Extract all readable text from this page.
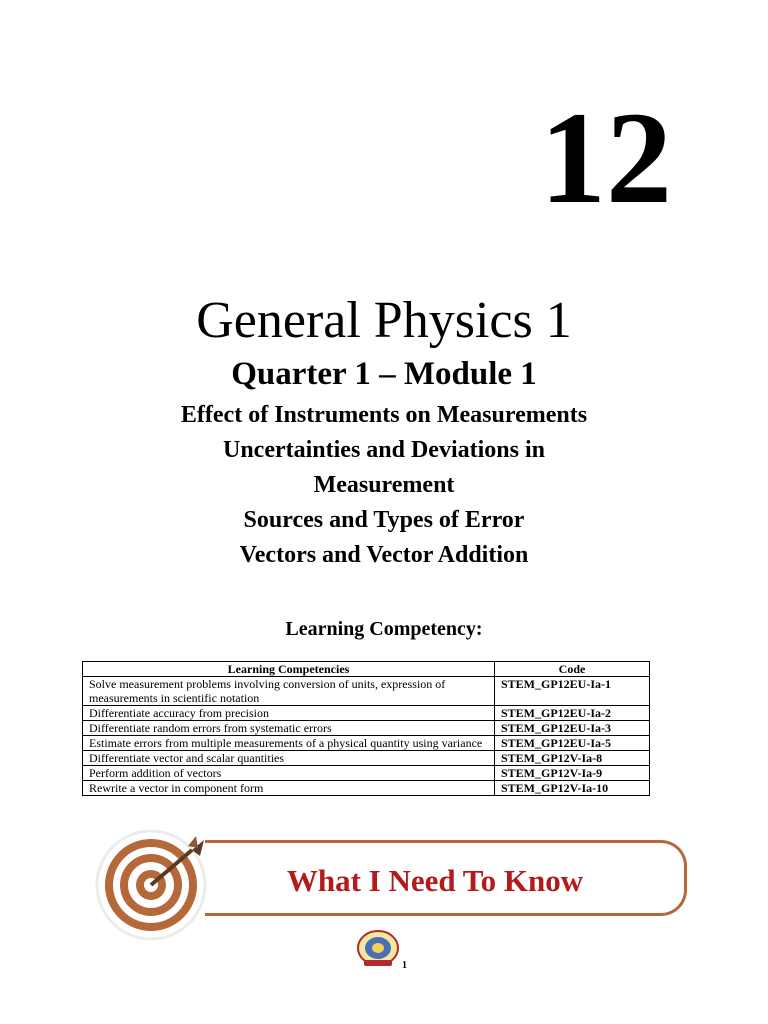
12
General Physics 1
Quarter 1 – Module 1
Effect of Instruments on Measurements
Uncertainties and Deviations in
Measurement
Sources and Types of Error
Vectors and Vector Addition
Learning Competency:
Learning Competencies	Code
Solve measurement problems involving conversion of units, expression of measurements in scientific notation	STEM_GP12EU-Ia-1
Differentiate accuracy from precision	STEM_GP12EU-Ia-2
Differentiate random errors from systematic errors	STEM_GP12EU-Ia-3
Estimate errors from multiple measurements of a physical quantity using variance	STEM_GP12EU-Ia-5
Differentiate vector and scalar quantities	STEM_GP12V-Ia-8
Perform addition of vectors	STEM_GP12V-Ia-9
Rewrite a vector in component form	STEM_GP12V-Ia-10
What I Need To Know
1
